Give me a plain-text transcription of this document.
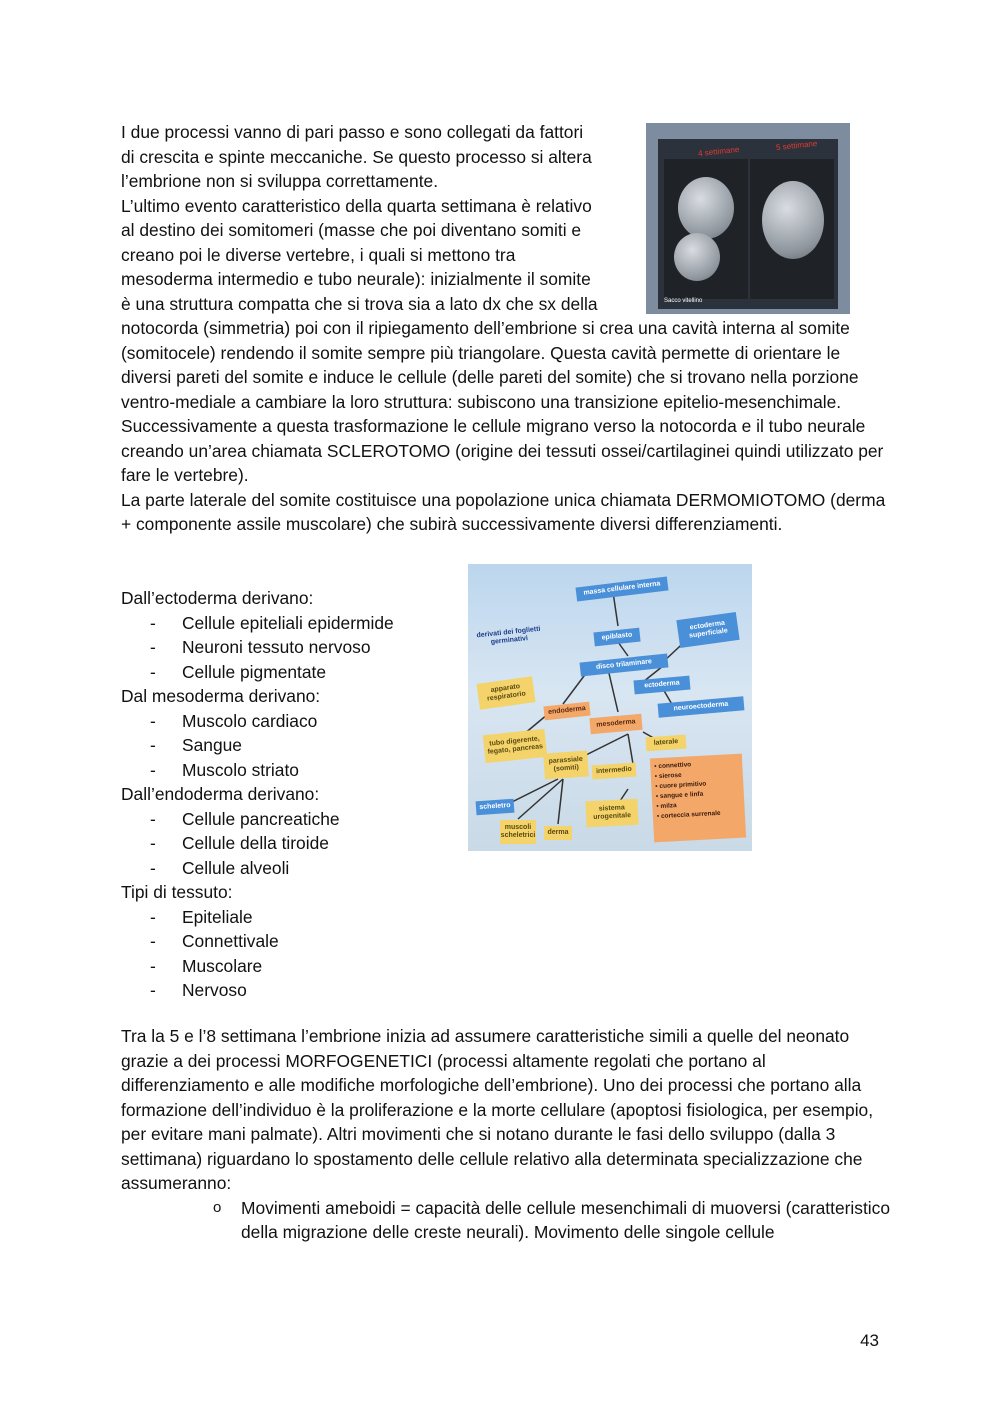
I due processi vanno di pari passo e sono collegati da fattori

di crescita e spinte meccaniche. Se questo processo si altera

l’embrione non si sviluppa correttamente.

L’ultimo evento caratteristico della quarta settimana è relativo

al destino dei somitomeri (masse che poi diventano somiti e

creano poi le diverse vertebre, i quali si mettono tra

mesoderma intermedio e tubo neurale): inizialmente il somite

è una struttura compatta che si trova sia a lato dx che sx della

4 settimane	5 settimane
Sacco vitellino

notocorda (simmetria) poi con il ripiegamento dell’embrione si crea una cavità interna al somite (somitocele) rendendo il somite sempre più triangolare. Questa cavità permette di orientare le diversi pareti del somite e induce le cellule (delle pareti del somite) che si trovano nella porzione ventro-mediale a cambiare la loro struttura: subiscono una transizione epitelio-mesenchimale. Successivamente a questa trasformazione le cellule migrano verso la notocorda e il tubo neurale creando un’area chiamata SCLEROTOMO (origine dei tessuti ossei/cartilaginei quindi utilizzato per fare le vertebre).

La parte laterale del somite costituisce una popolazione unica chiamata DERMOMIOTOMO (derma + componente assile muscolare) che subirà successivamente diversi differenziamenti.

Dall’ectoderma derivano:

- Cellule epiteliali epidermide
- Neuroni tessuto nervoso
- Cellule pigmentate

Dal mesoderma derivano:

- Muscolo cardiaco
- Sangue
- Muscolo striato

Dall’endoderma derivano:

- Cellule pancreatiche
- Cellule della tiroide
- Cellule alveoli

Tipi di tessuto:

- Epiteliale
- Connettivale
- Muscolare
- Nervoso
derivati dei foglietti germinativi
massa cellulare interna
epiblasto
ectoderma superficiale
disco trilaminare
ectoderma
neuroectoderma
apparato respiratorio
endoderma
mesoderma
tubo digerente, fegato, pancreas
parassiale (somiti)	intermedio
laterale
scheletro
muscoli scheletrici	derma
sistema urogenitale
• connettivo
• sierose
• cuore primitivo
• sangue e linfa
• milza
• corteccia surrenale

Tra la 5 e l’8 settimana l’embrione inizia ad assumere caratteristiche simili a quelle del neonato grazie a dei processi MORFOGENETICI (processi altamente regolati che portano al differenziamento e alle modifiche morfologiche dell’embrione). Uno dei processi che portano alla formazione dell’individuo è la proliferazione e la morte cellulare (apoptosi fisiologica, per esempio, per evitare mani palmate). Altri movimenti che si notano durante le fasi dello sviluppo (dalla 3 settimana) riguardano lo spostamento delle cellule relativo alla determinata specializzazione che assumeranno:

o Movimenti ameboidi = capacità delle cellule mesenchimali di muoversi (caratteristico della migrazione delle creste neurali). Movimento delle singole cellule
43
